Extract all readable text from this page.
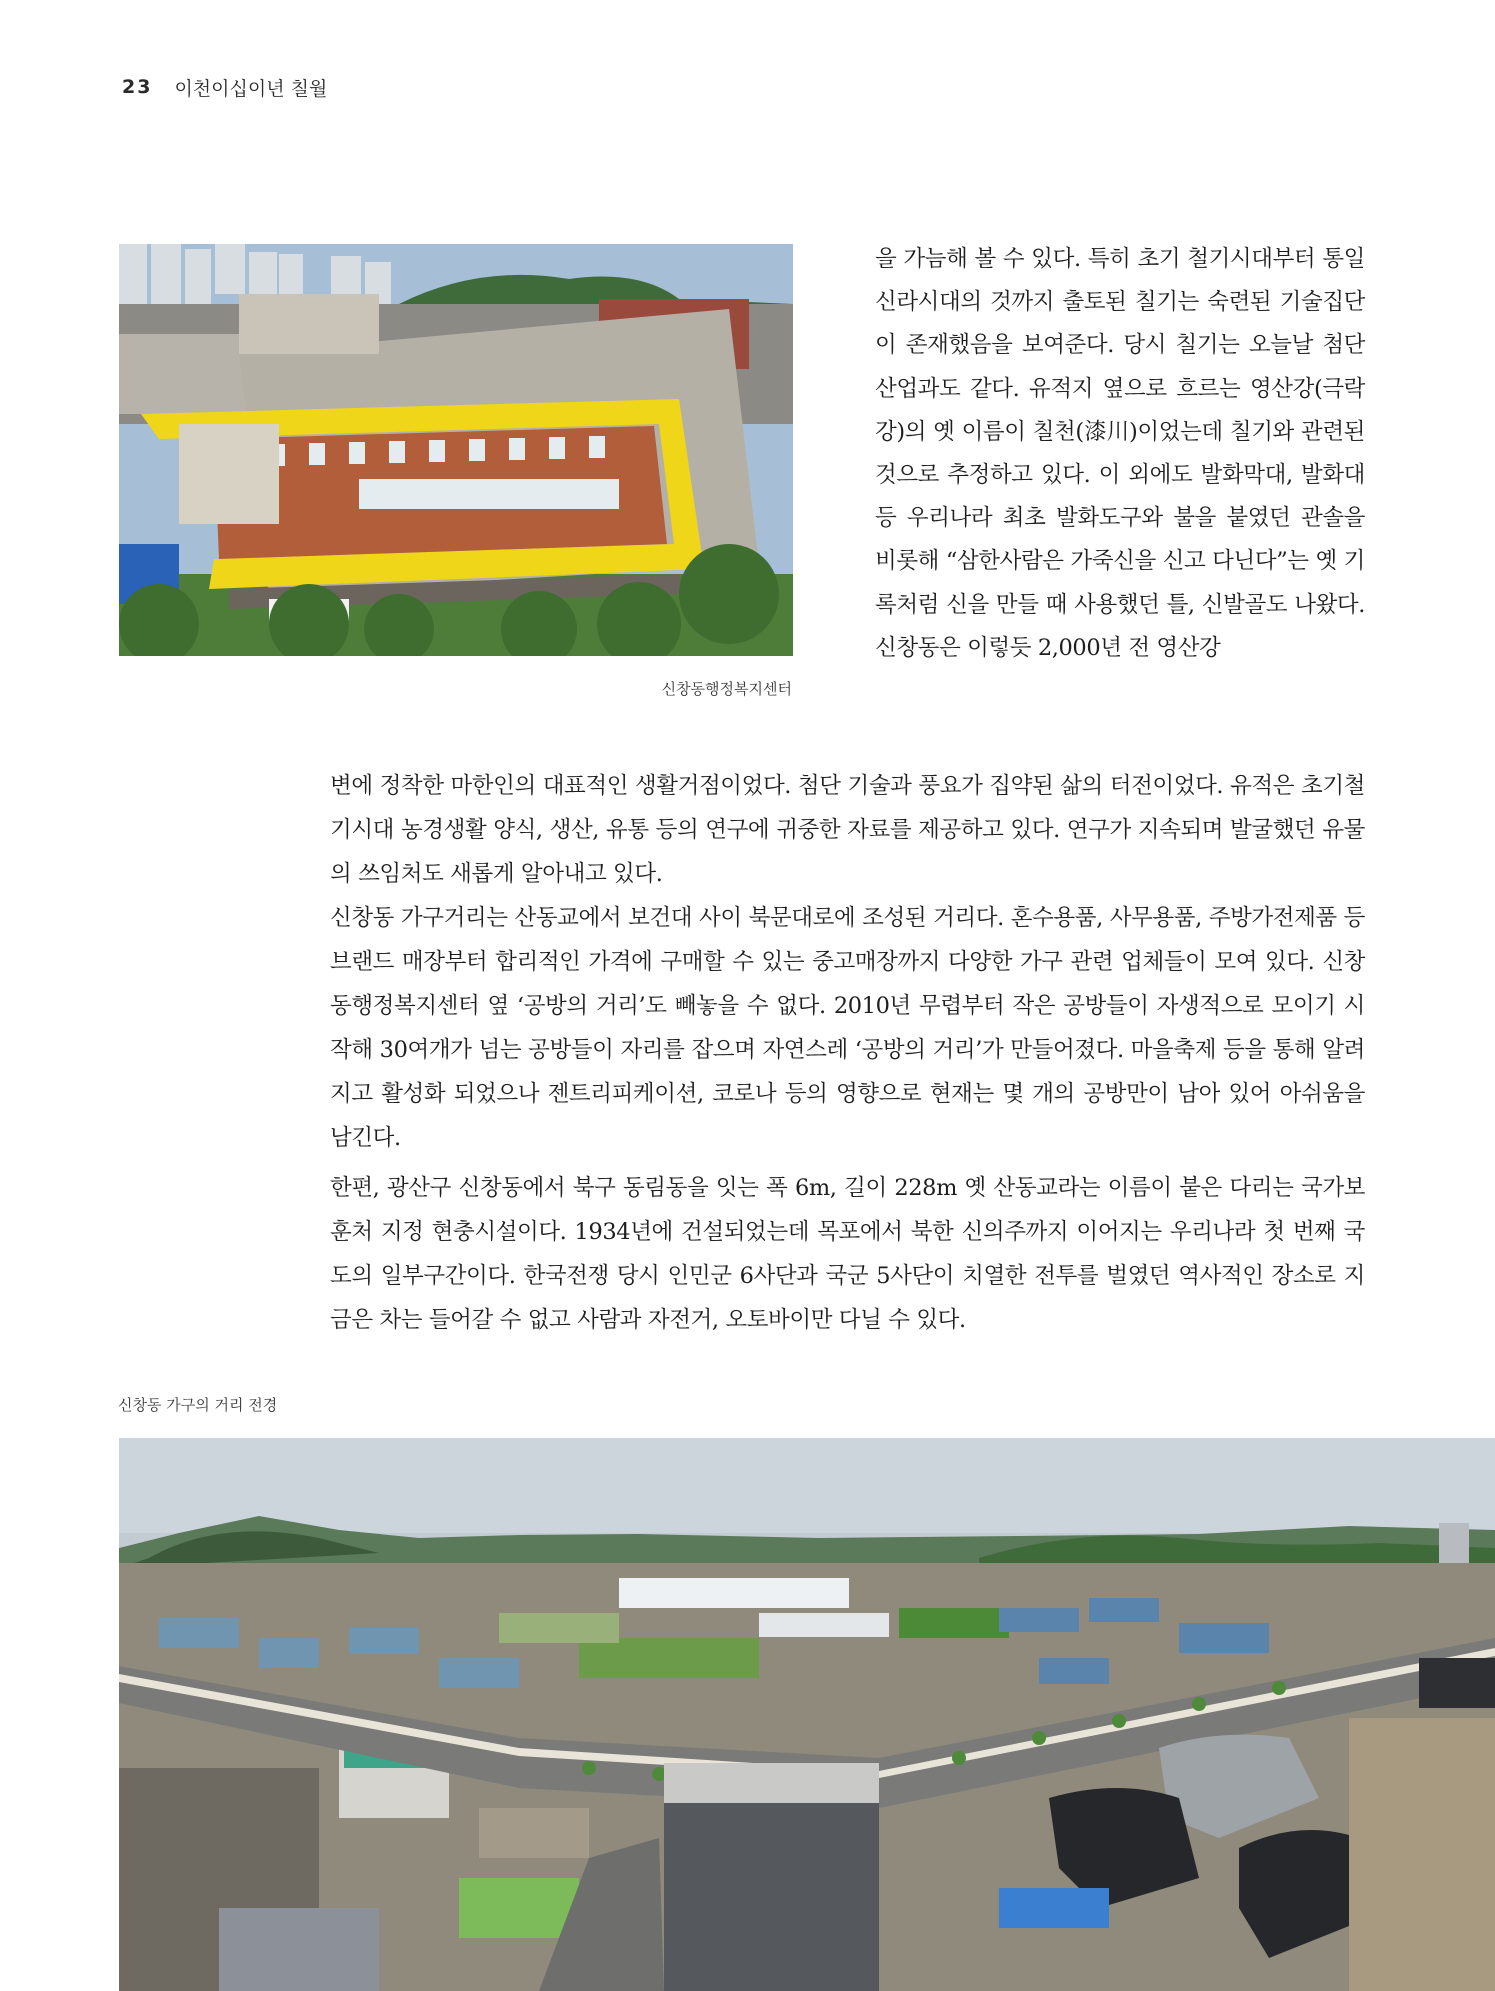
23 이천이십이년 칠월
신창동행정복지센터

을 가늠해 볼 수 있다. 특히 초기 철기시대부터 통일신라시대의 것까지 출토된 칠기는 숙련된 기술집단이 존재했음을 보여준다. 당시 칠기는 오늘날 첨단산업과도 같다. 유적지 옆으로 흐르는 영산강(극락강)의 옛 이름이 칠천(漆川)이었는데 칠기와 관련된 것으로 추정하고 있다. 이 외에도 발화막대, 발화대 등 우리나라 최초 발화도구와 불을 붙였던 관솔을 비롯해 “삼한사람은 가죽신을 신고 다닌다”는 옛 기록처럼 신을 만들 때 사용했던 틀, 신발골도 나왔다. 신창동은 이렇듯 2,000년 전 영산강

변에 정착한 마한인의 대표적인 생활거점이었다. 첨단 기술과 풍요가 집약된 삶의 터전이었다. 유적은 초기철기시대 농경생활 양식, 생산, 유통 등의 연구에 귀중한 자료를 제공하고 있다. 연구가 지속되며 발굴했던 유물의 쓰임처도 새롭게 알아내고 있다.

신창동 가구거리는 산동교에서 보건대 사이 북문대로에 조성된 거리다. 혼수용품, 사무용품, 주방가전제품 등 브랜드 매장부터 합리적인 가격에 구매할 수 있는 중고매장까지 다양한 가구 관련 업체들이 모여 있다. 신창동행정복지센터 옆 ‘공방의 거리’도 빼놓을 수 없다. 2010년 무렵부터 작은 공방들이 자생적으로 모이기 시작해 30여개가 넘는 공방들이 자리를 잡으며 자연스레 ‘공방의 거리’가 만들어졌다. 마을축제 등을 통해 알려지고 활성화 되었으나 젠트리피케이션, 코로나 등의 영향으로 현재는 몇 개의 공방만이 남아 있어 아쉬움을 남긴다.

한편, 광산구 신창동에서 북구 동림동을 잇는 폭 6m, 길이 228m 옛 산동교라는 이름이 붙은 다리는 국가보훈처 지정 현충시설이다. 1934년에 건설되었는데 목포에서 북한 신의주까지 이어지는 우리나라 첫 번째 국도의 일부구간이다. 한국전쟁 당시 인민군 6사단과 국군 5사단이 치열한 전투를 벌였던 역사적인 장소로 지금은 차는 들어갈 수 없고 사람과 자전거, 오토바이만 다닐 수 있다.

신창동 가구의 거리 전경
